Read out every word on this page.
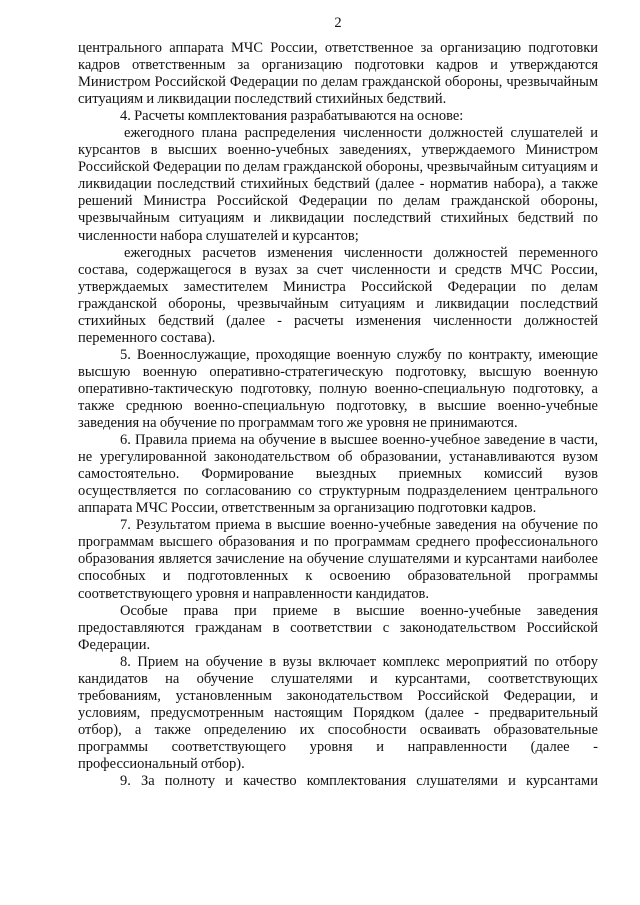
2

центрального аппарата МЧС России, ответственное за организацию подготовки кадров ответственным за организацию подготовки кадров и утверждаются Министром Российской Федерации по делам гражданской обороны, чрезвычайным ситуациям и ликвидации последствий стихийных бедствий.

4. Расчеты комплектования разрабатываются на основе:

ежегодного плана распределения численности должностей слушателей и курсантов в высших военно-учебных заведениях, утверждаемого Министром Российской Федерации по делам гражданской обороны, чрезвычайным ситуациям и ликвидации последствий стихийных бедствий (далее - норматив набора), а также решений Министра Российской Федерации по делам гражданской обороны, чрезвычайным ситуациям и ликвидации последствий стихийных бедствий по численности набора слушателей и курсантов;

ежегодных расчетов изменения численности должностей переменного состава, содержащегося в вузах за счет численности и средств МЧС России, утверждаемых заместителем Министра Российской Федерации по делам гражданской обороны, чрезвычайным ситуациям и ликвидации последствий стихийных бедствий (далее - расчеты изменения численности должностей переменного состава).

5. Военнослужащие, проходящие военную службу по контракту, имеющие высшую военную оперативно-стратегическую подготовку, высшую военную оперативно-тактическую подготовку, полную военно-специальную подготовку, а также среднюю военно-специальную подготовку, в высшие военно-учебные заведения на обучение по программам того же уровня не принимаются.

6. Правила приема на обучение в высшее военно-учебное заведение в части, не урегулированной законодательством об образовании, устанавливаются вузом самостоятельно. Формирование выездных приемных комиссий вузов осуществляется по согласованию со структурным подразделением центрального аппарата МЧС России, ответственным за организацию подготовки кадров.

7. Результатом приема в высшие военно-учебные заведения на обучение по программам высшего образования и по программам среднего профессионального образования является зачисление на обучение слушателями и курсантами наиболее способных и подготовленных к освоению образовательной программы соответствующего уровня и направленности кандидатов.

Особые права при приеме в высшие военно-учебные заведения предоставляются гражданам в соответствии с законодательством Российской Федерации.

8. Прием на обучение в вузы включает комплекс мероприятий по отбору кандидатов на обучение слушателями и курсантами, соответствующих требованиям, установленным законодательством Российской Федерации, и условиям, предусмотренным настоящим Порядком (далее - предварительный отбор), а также определению их способности осваивать образовательные программы соответствующего уровня и направленности (далее - профессиональный отбор).

9. За полноту и качество комплектования слушателями и курсантами
